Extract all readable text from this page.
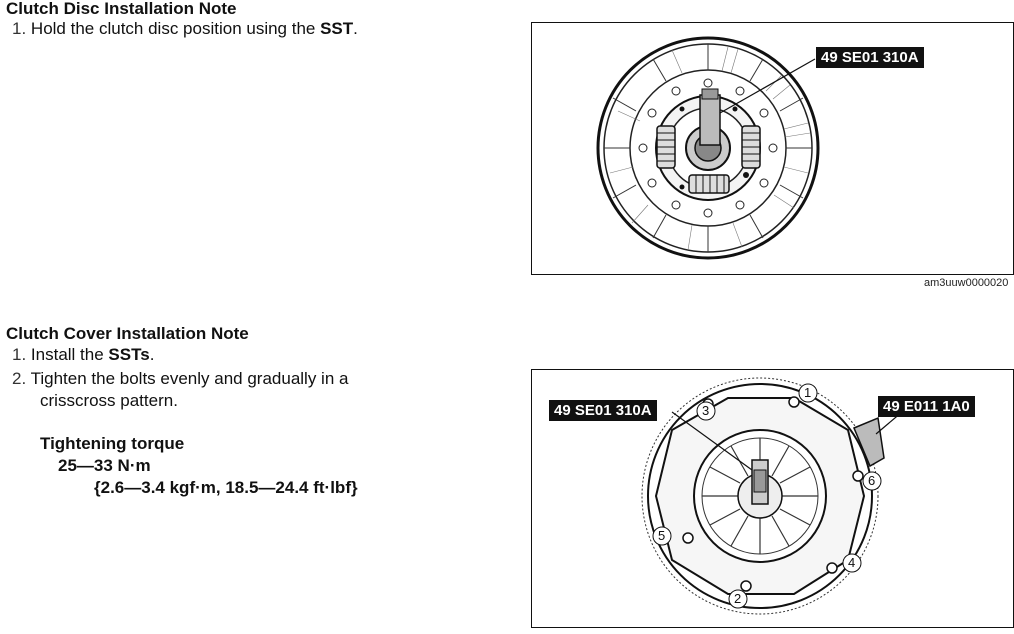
Clutch Disc Installation Note
1. Hold the clutch disc position using the SST.
49 SE01 310A
am3uuw0000020
Clutch Cover Installation Note
1. Install the SSTs.
2. Tighten the bolts evenly and gradually in a
crisscross pattern.
Tightening torque
25—33 N·m
{2.6—3.4 kgf·m, 18.5—24.4 ft·lbf}
1
2
3
4
5
6
49 SE01 310A	49 E011 1A0
